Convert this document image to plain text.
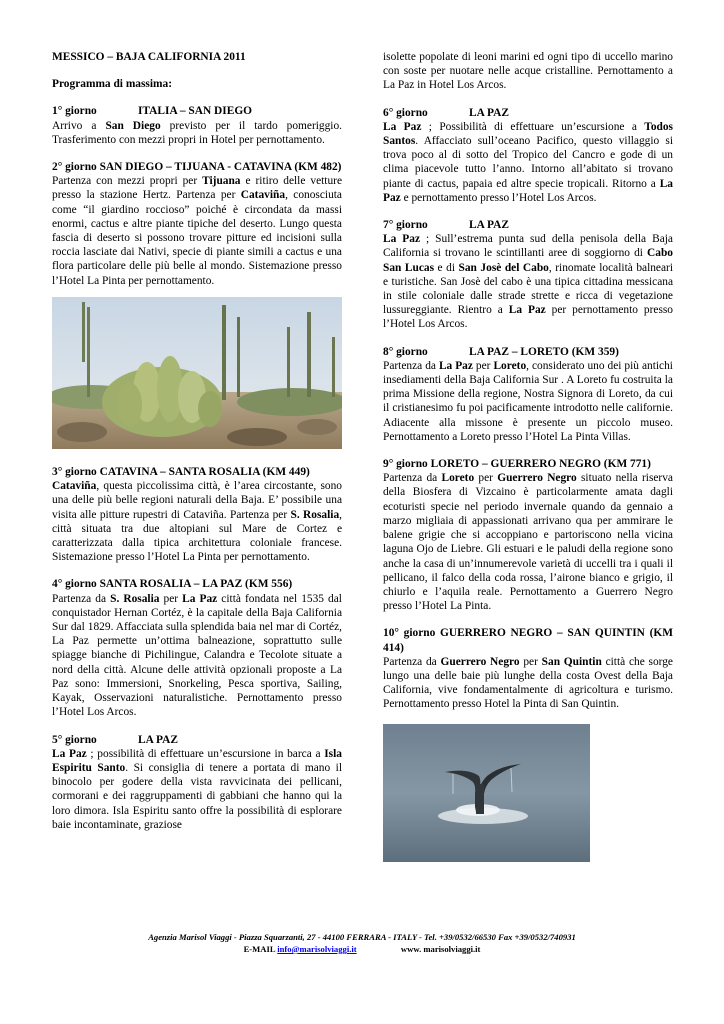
MESSICO – BAJA CALIFORNIA 2011

Programma di massima:

1° giorno	ITALIA – SAN DIEGO

Arrivo a San Diego previsto per il tardo pomeriggio. Trasferimento con mezzi propri in Hotel per pernottamento.

2° giorno SAN DIEGO – TIJUANA - CATAVINA (KM 482)

Partenza con mezzi propri per Tijuana e ritiro delle vetture presso la stazione Hertz. Partenza per Cataviña, conosciuta come “il giardino roccioso” poiché è circondata da massi enormi, cactus e altre piante tipiche del deserto. Lungo questa fascia di deserto si possono trovare pitture ed incisioni sulla roccia lasciate dai Nativi, specie di piante simili a cactus e una flora particolare delle più belle al mondo. Sistemazione presso l’Hotel La Pinta per pernottamento.

3° giorno CATAVINA – SANTA ROSALIA (KM 449)

Cataviña, questa piccolissima città, è l’area circostante, sono una delle più belle regioni naturali della Baja. E’ possibile una visita alle pitture rupestri di Cataviña. Partenza per S. Rosalia, città situata tra due altopiani sul Mare de Cortez e caratterizzata dalla tipica architettura coloniale francese. Sistemazione presso l’Hotel La Pinta per pernottamento.

4° giorno SANTA ROSALIA – LA PAZ (KM 556)

Partenza da S. Rosalia per La Paz città fondata nel 1535 dal conquistador Hernan Cortéz, è la capitale della Baja California Sur dal 1829. Affacciata sulla splendida baia nel mar di Cortéz, La Paz permette un’ottima balneazione, soprattutto sulle spiagge bianche di Pichilingue, Calandra e Tecolote situate a nord della città. Alcune delle attività opzionali proposte a La Paz sono: Immersioni, Snorkeling, Pesca sportiva, Sailing, Kayak, Osservazioni naturalistiche. Pernottamento presso l’Hotel Los Arcos.

5° giorno	LA PAZ

La Paz ; possibilità di effettuare un’escursione in barca a Isla Espiritu Santo. Si consiglia di tenere a portata di mano il binocolo per godere della vista ravvicinata dei pellicani, cormorani e dei raggruppamenti di gabbiani che hanno qui la loro dimora. Isla Espiritu santo offre la possibilità di esplorare baie incontaminate, graziose

isolette popolate di leoni marini ed ogni tipo di uccello marino con soste per nuotare nelle acque cristalline. Pernottamento a La Paz in Hotel Los Arcos.

6° giorno	LA PAZ

La Paz ; Possibilità di effettuare un’escursione a Todos Santos. Affacciato sull’oceano Pacifico, questo villaggio si trova poco al di sotto del Tropico del Cancro e gode di un clima piacevole tutto l’anno. Intorno all’abitato si trovano piante di cactus, papaia ed altre specie tropicali. Ritorno a La Paz e pernottamento presso l’Hotel Los Arcos.

7° giorno	LA PAZ

La Paz ; Sull’estrema punta sud della penisola della Baja California si trovano le scintillanti aree di soggiorno di Cabo San Lucas e di San Josè del Cabo, rinomate località balneari e turistiche. San Josè del cabo è una tipica cittadina messicana in stile coloniale dalle strade strette e ricca di vegetazione lussureggiante. Rientro a La Paz per pernottamento presso l’Hotel Los Arcos.

8° giorno	LA PAZ – LORETO (KM 359)

Partenza da La Paz per Loreto, considerato uno dei più antichi insediamenti della Baja California Sur . A Loreto fu costruita la prima Missione della regione, Nostra Signora di Loreto, da cui il cristianesimo fu poi pacificamente introdotto nelle californie. Adiacente alla missone è presente un piccolo museo. Pernottamento a Loreto presso l’Hotel La Pinta Villas.

9° giorno LORETO – GUERRERO NEGRO (KM 771)

Partenza da Loreto per Guerrero Negro situato nella riserva della Biosfera di Vizcaino è particolarmente amata dagli ecoturisti specie nel periodo invernale quando da gennaio a marzo migliaia di appassionati arrivano qua per ammirare le balene grigie che si accoppiano e partoriscono nella vicina laguna Ojo de Liebre. Gli estuari e le paludi della regione sono anche la casa di un’innumerevole varietà di uccelli tra i quali il pellicano, il falco della coda rossa, l’airone bianco e grigio, il chiurlo e l’aquila reale. Pernottamento a Guerrero Negro presso l’Hotel La Pinta.

10° giorno GUERRERO NEGRO – SAN QUINTIN (KM 414)

Partenza da Guerrero Negro per San Quintin città che sorge lungo una delle baie più lunghe della costa Ovest della Baja California, vive fondamentalmente di agricoltura e turismo. Pernottamento presso Hotel la Pinta di San Quintin.

Agenzia Marisol Viaggi - Piazza Squarzanti, 27 - 44100 FERRARA - ITALY - Tel. +39/0532/66530 Fax +39/0532/740931
E-MAIL info@marisolviaggi.it	www. marisolviaggi.it
